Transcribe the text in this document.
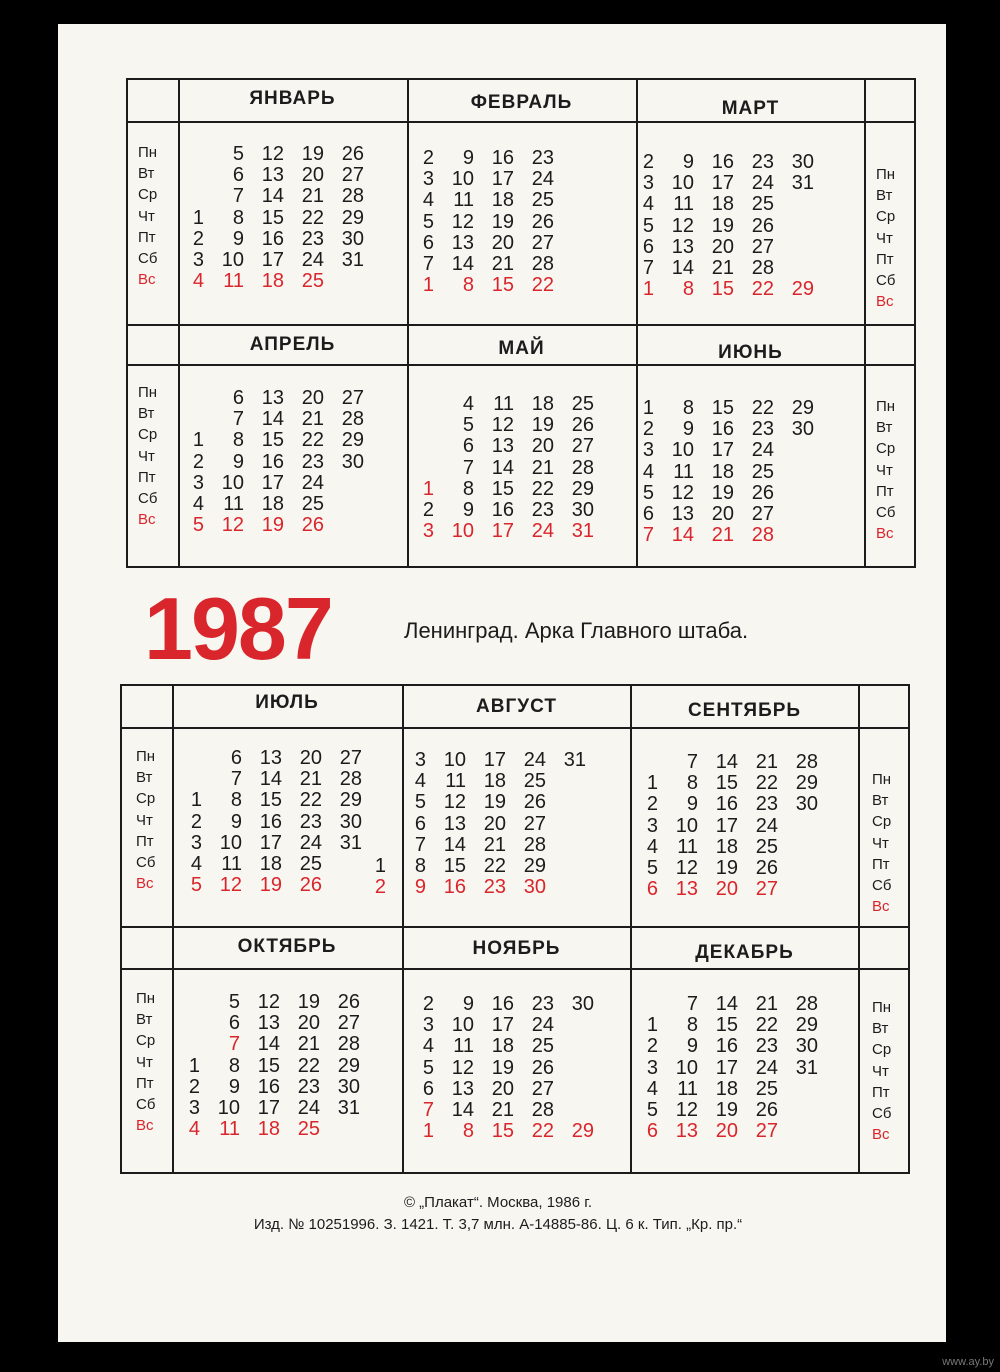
Пн
Вт
Ср
Чт
Пт
Сб
Вс
Пн
Вт
Ср
Чт
Пт
Сб
Вс
Пн
Вт
Ср
Чт
Пт
Сб
Вс
Пн
Вт
Ср
Чт
Пт
Сб
Вс
Пн
Вт
Ср
Чт
Пт
Сб
Вс
Пн
Вт
Ср
Чт
Пт
Сб
Вс
Пн
Вт
Ср
Чт
Пт
Сб
Вс
Пн
Вт
Ср
Чт
Пт
Сб
Вс
ЯНВАРЬ
5 12 19 26
6 13 20 27
7 14 21 28
1 8 15 22 29
2 9 16 23 30
3 10 17 24 31
4 11 18 25
ФЕВРАЛЬ
2 9 16 23
3 10 17 24
4 11 18 25
5 12 19 26
6 13 20 27
7 14 21 28
1 8 15 22
МАРТ
2 9 16 23 30
3 10 17 24 31
4 11 18 25
5 12 19 26
6 13 20 27
7 14 21 28
1 8 15 22 29
АПРЕЛЬ
6 13 20 27
7 14 21 28
1 8 15 22 29
2 9 16 23 30
3 10 17 24
4 11 18 25
5 12 19 26
МАЙ
4 11 18 25
5 12 19 26
6 13 20 27
7 14 21 28
1 8 15 22 29
2 9 16 23 30
3 10 17 24 31
ИЮНЬ
1 8 15 22 29
2 9 16 23 30
3 10 17 24
4 11 18 25
5 12 19 26
6 13 20 27
7 14 21 28
ИЮЛЬ
6 13 20 27
7 14 21 28
1 8 15 22 29
2 9 16 23 30
3 10 17 24 31
4 11 18 25
5 12 19 26
АВГУСТ
3 10 17 24 31
4 11 18 25
5 12 19 26
6 13 20 27
7 14 21 28
1 8 15 22 29
2 9 16 23 30
СЕНТЯБРЬ
7 14 21 28
1 8 15 22 29
2 9 16 23 30
3 10 17 24
4 11 18 25
5 12 19 26
6 13 20 27
ОКТЯБРЬ
5 12 19 26
6 13 20 27
7 14 21 28
1 8 15 22 29
2 9 16 23 30
3 10 17 24 31
4 11 18 25
НОЯБРЬ
2 9 16 23 30
3 10 17 24
4 11 18 25
5 12 19 26
6 13 20 27
7 14 21 28
1 8 15 22 29
ДЕКАБРЬ
7 14 21 28
1 8 15 22 29
2 9 16 23 30
3 10 17 24 31
4 11 18 25
5 12 19 26
6 13 20 27
1987	Ленинград. Арка Главного штаба.
© „Плакат“. Москва, 1986 г.
Изд. № 10251996. З. 1421. Т. 3,7 млн. А-14885-86. Ц. 6 к. Тип. „Кр. пр.“
www.ay.by
